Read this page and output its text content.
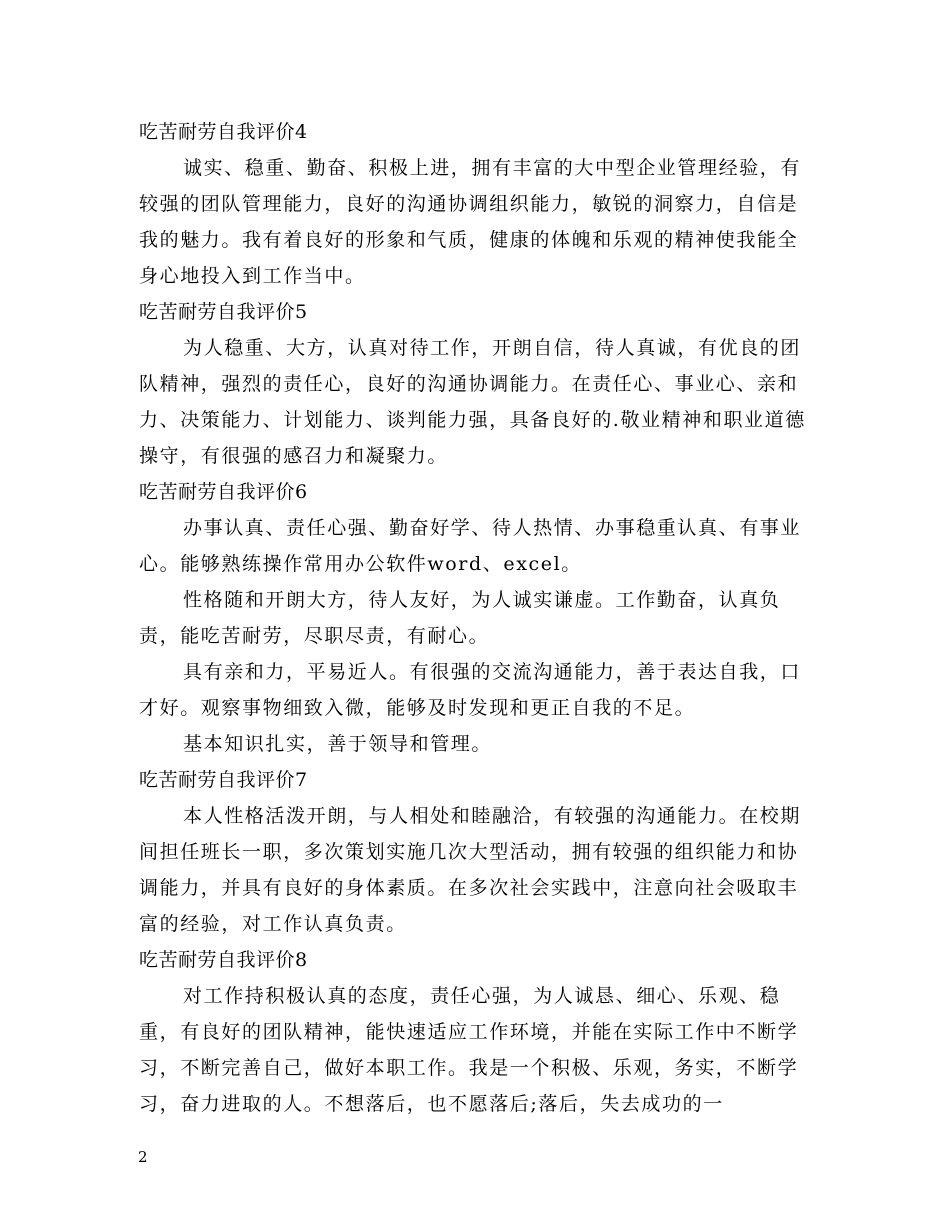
吃苦耐劳自我评价4

诚实、稳重、勤奋、积极上进，拥有丰富的大中型企业管理经验，有较强的团队管理能力，良好的沟通协调组织能力，敏锐的洞察力，自信是我的魅力。我有着良好的形象和气质，健康的体魄和乐观的精神使我能全身心地投入到工作当中。

吃苦耐劳自我评价5

为人稳重、大方，认真对待工作，开朗自信，待人真诚，有优良的团队精神，强烈的责任心，良好的沟通协调能力。在责任心、事业心、亲和力、决策能力、计划能力、谈判能力强，具备良好的.敬业精神和职业道德操守，有很强的感召力和凝聚力。

吃苦耐劳自我评价6

办事认真、责任心强、勤奋好学、待人热情、办事稳重认真、有事业心。能够熟练操作常用办公软件word、excel。

性格随和开朗大方，待人友好，为人诚实谦虚。工作勤奋，认真负责，能吃苦耐劳，尽职尽责，有耐心。

具有亲和力，平易近人。有很强的交流沟通能力，善于表达自我，口才好。观察事物细致入微，能够及时发现和更正自我的不足。

基本知识扎实，善于领导和管理。

吃苦耐劳自我评价7

本人性格活泼开朗，与人相处和睦融洽，有较强的沟通能力。在校期间担任班长一职，多次策划实施几次大型活动，拥有较强的组织能力和协调能力，并具有良好的身体素质。在多次社会实践中，注意向社会吸取丰富的经验，对工作认真负责。

吃苦耐劳自我评价8

对工作持积极认真的态度，责任心强，为人诚恳、细心、乐观、稳重，有良好的团队精神，能快速适应工作环境，并能在实际工作中不断学习，不断完善自己，做好本职工作。我是一个积极、乐观，务实，不断学习，奋力进取的人。不想落后，也不愿落后;落后，失去成功的一

2
